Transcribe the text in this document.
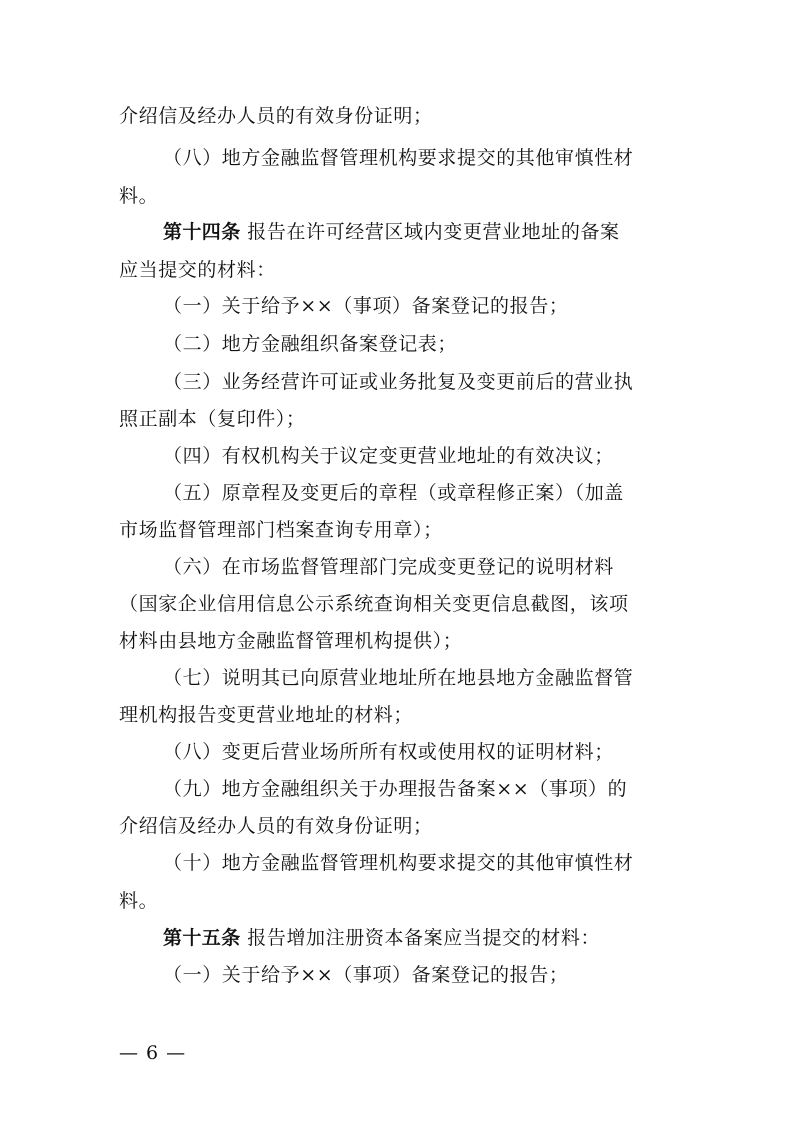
介绍信及经办人员的有效身份证明；
（八）地方金融监督管理机构要求提交的其他审慎性材
料。
第十四条 报告在许可经营区域内变更营业地址的备案
应当提交的材料：
（一）关于给予××（事项）备案登记的报告；
（二）地方金融组织备案登记表；
（三）业务经营许可证或业务批复及变更前后的营业执
照正副本（复印件）；
（四）有权机构关于议定变更营业地址的有效决议；
（五）原章程及变更后的章程（或章程修正案）（加盖
市场监督管理部门档案查询专用章）；
（六）在市场监督管理部门完成变更登记的说明材料
（国家企业信用信息公示系统查询相关变更信息截图，该项
材料由县地方金融监督管理机构提供）；
（七）说明其已向原营业地址所在地县地方金融监督管
理机构报告变更营业地址的材料；
（八）变更后营业场所所有权或使用权的证明材料；
（九）地方金融组织关于办理报告备案××（事项）的
介绍信及经办人员的有效身份证明；
（十）地方金融监督管理机构要求提交的其他审慎性材
料。
第十五条 报告增加注册资本备案应当提交的材料：
（一）关于给予××（事项）备案登记的报告；
— 6 —
